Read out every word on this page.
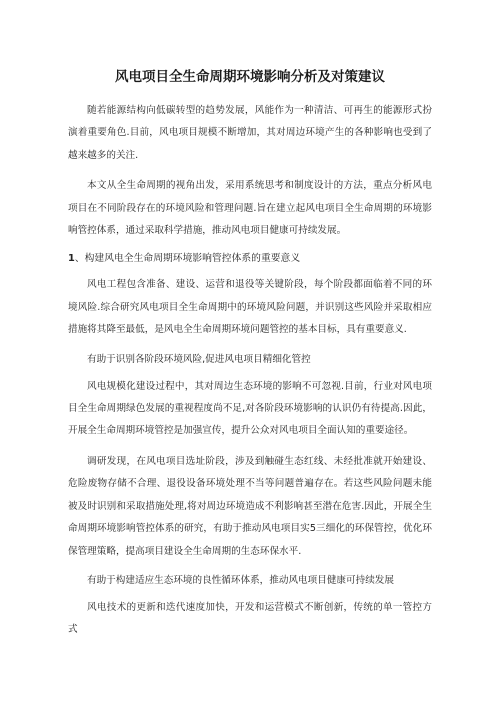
风电项目全生命周期环境影响分析及对策建议

随若能源结构向低碳转型的趋势发展，风能作为一种清洁、可再生的能源形式扮演着重要角色.目前，风电项目规模不断增加，其对周边环境产生的各种影响也受到了越来越多的关注.

本文从全生命周期的视角出发，采用系统思考和制度设计的方法，重点分析风电项目在不同阶段存在的环境风险和管理问题.旨在建立起风电项目全生命周期的环境影响管控体系，通过采取科学措施，推动风电项目健康可持续发展。

1、构建风电全生命周期环境影响管控体系的重要意义

风电工程包含准备、建设、运营和退役等关键阶段，每个阶段都面临着不同的环境风险.综合研究风电项目全生命周期中的环境风险问题，并识别这些风险并采取相应措施将其降至最低，是风电全生命周期环境问题管控的基本目标，具有重要意义.

有助于识别各阶段环境风险,促进风电项目精细化管控

风电规模化建设过程中，其对周边生态环境的影响不可忽视.目前，行业对风电项目全生命周期绿色发展的重视程度尚不足,对各阶段环境影响的认识仍有待提高.因此，开展全生命周期环境管控是加强宣传，提升公众对风电项目全面认知的重要途径。

调研发现，在风电项目选址阶段，涉及到触碰生态红线、未经批准就开始建设、危险废物存储不合理、退役设备环境处理不当等问题普遍存在。若这些风险问题未能被及时识别和采取措施处理,将对周边环境造成不利影响甚至潜在危害.因此，开展全生命周期环境影响管控体系的研究，有助于推动风电项目实5三细化的环保管控，优化环保管理策略，提高项目建设全生命周期的生态环保水平.

有助于构建适应生态环境的良性循环体系，推动风电项目健康可持续发展

风电技术的更新和迭代速度加快，开发和运营模式不断创新，传统的单一管控方式
